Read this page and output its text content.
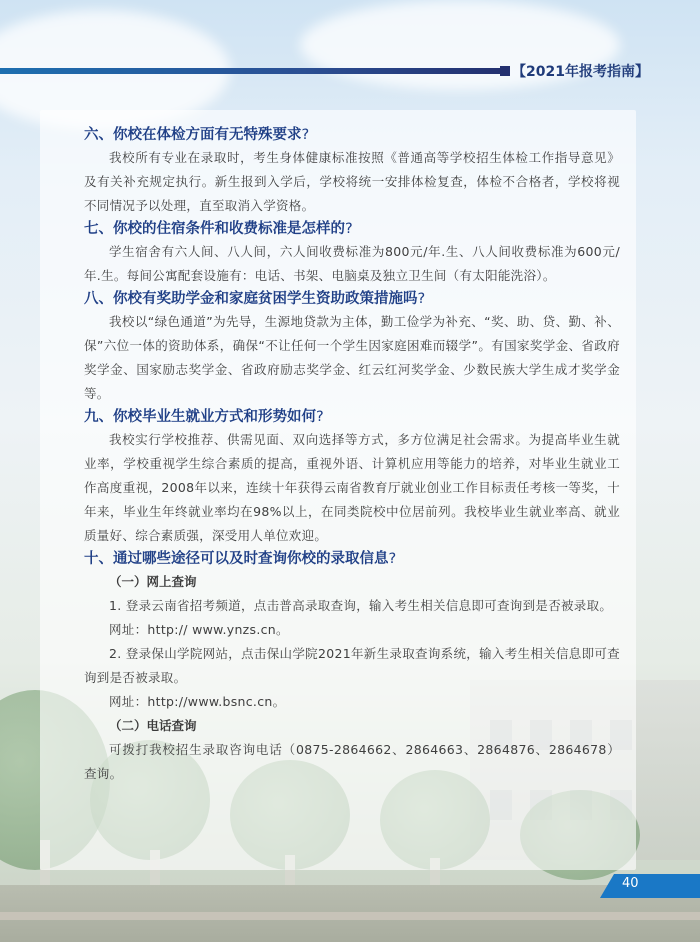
【2021年报考指南】

六、你校在体检方面有无特殊要求?

我校所有专业在录取时，考生身体健康标准按照《普通高等学校招生体检工作指导意见》及有关补充规定执行。新生报到入学后，学校将统一安排体检复查，体检不合格者，学校将视不同情况予以处理，直至取消入学资格。

七、你校的住宿条件和收费标准是怎样的?

学生宿舍有六人间、八人间，六人间收费标准为800元/年.生、八人间收费标准为600元/年.生。每间公寓配套设施有：电话、书架、电脑桌及独立卫生间（有太阳能洗浴）。

八、你校有奖助学金和家庭贫困学生资助政策措施吗?

我校以“绿色通道”为先导，生源地贷款为主体，勤工俭学为补充、“奖、助、贷、勤、补、保”六位一体的资助体系，确保“不让任何一个学生因家庭困难而辍学”。有国家奖学金、省政府奖学金、国家励志奖学金、省政府励志奖学金、红云红河奖学金、少数民族大学生成才奖学金等。

九、你校毕业生就业方式和形势如何?

我校实行学校推荐、供需见面、双向选择等方式，多方位满足社会需求。为提高毕业生就业率，学校重视学生综合素质的提高，重视外语、计算机应用等能力的培养，对毕业生就业工作高度重视，2008年以来，连续十年获得云南省教育厅就业创业工作目标责任考核一等奖，十年来，毕业生年终就业率均在98%以上，在同类院校中位居前列。我校毕业生就业率高、就业质量好、综合素质强，深受用人单位欢迎。

十、通过哪些途径可以及时查询你校的录取信息?

（一）网上查询

1. 登录云南省招考频道，点击普高录取查询，输入考生相关信息即可查询到是否被录取。

网址：http:// www.ynzs.cn。

2. 登录保山学院网站，点击保山学院2021年新生录取查询系统，输入考生相关信息即可查询到是否被录取。

网址：http://www.bsnc.cn。

（二）电话查询

可拨打我校招生录取咨询电话（0875-2864662、2864663、2864876、2864678）查询。

40
